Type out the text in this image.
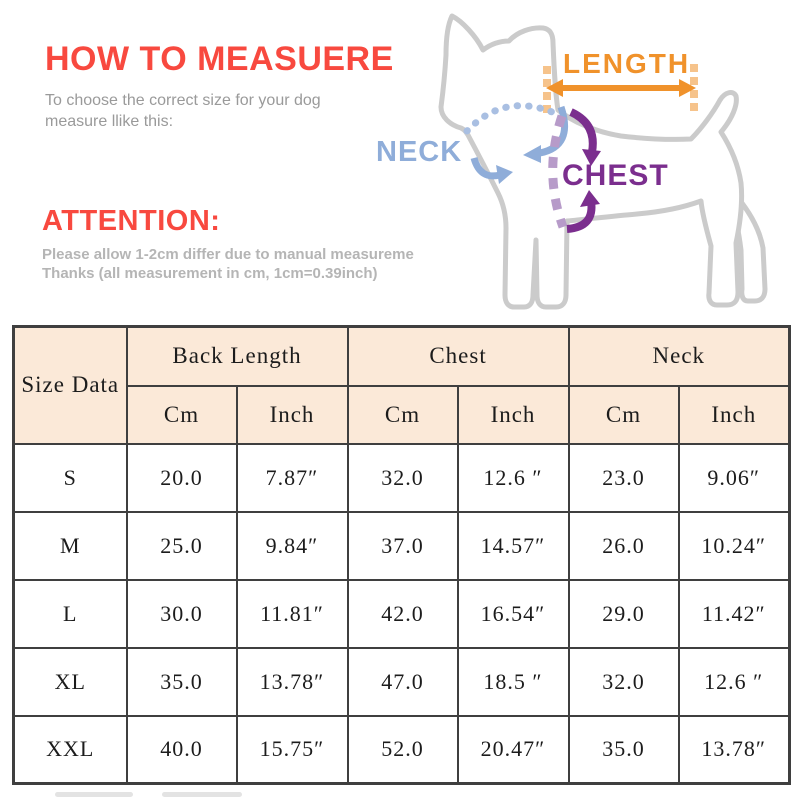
HOW TO MEASUERE
To choose the correct size for your dog
measure llike this:
ATTENTION:
Please allow 1-2cm differ due to manual measureme
Thanks (all measurement in cm, 1cm=0.39inch)
LENGTH
NECK
CHEST
Size Data	Back Length		Chest		Neck	
	Cm	Inch	Cm	Inch	Cm	Inch
S	20.0	7.87″	32.0	12.6 ″	23.0	9.06″
M	25.0	9.84″	37.0	14.57″	26.0	10.24″
L	30.0	11.81″	42.0	16.54″	29.0	11.42″
XL	35.0	13.78″	47.0	18.5 ″	32.0	12.6 ″
XXL	40.0	15.75″	52.0	20.47″	35.0	13.78″
